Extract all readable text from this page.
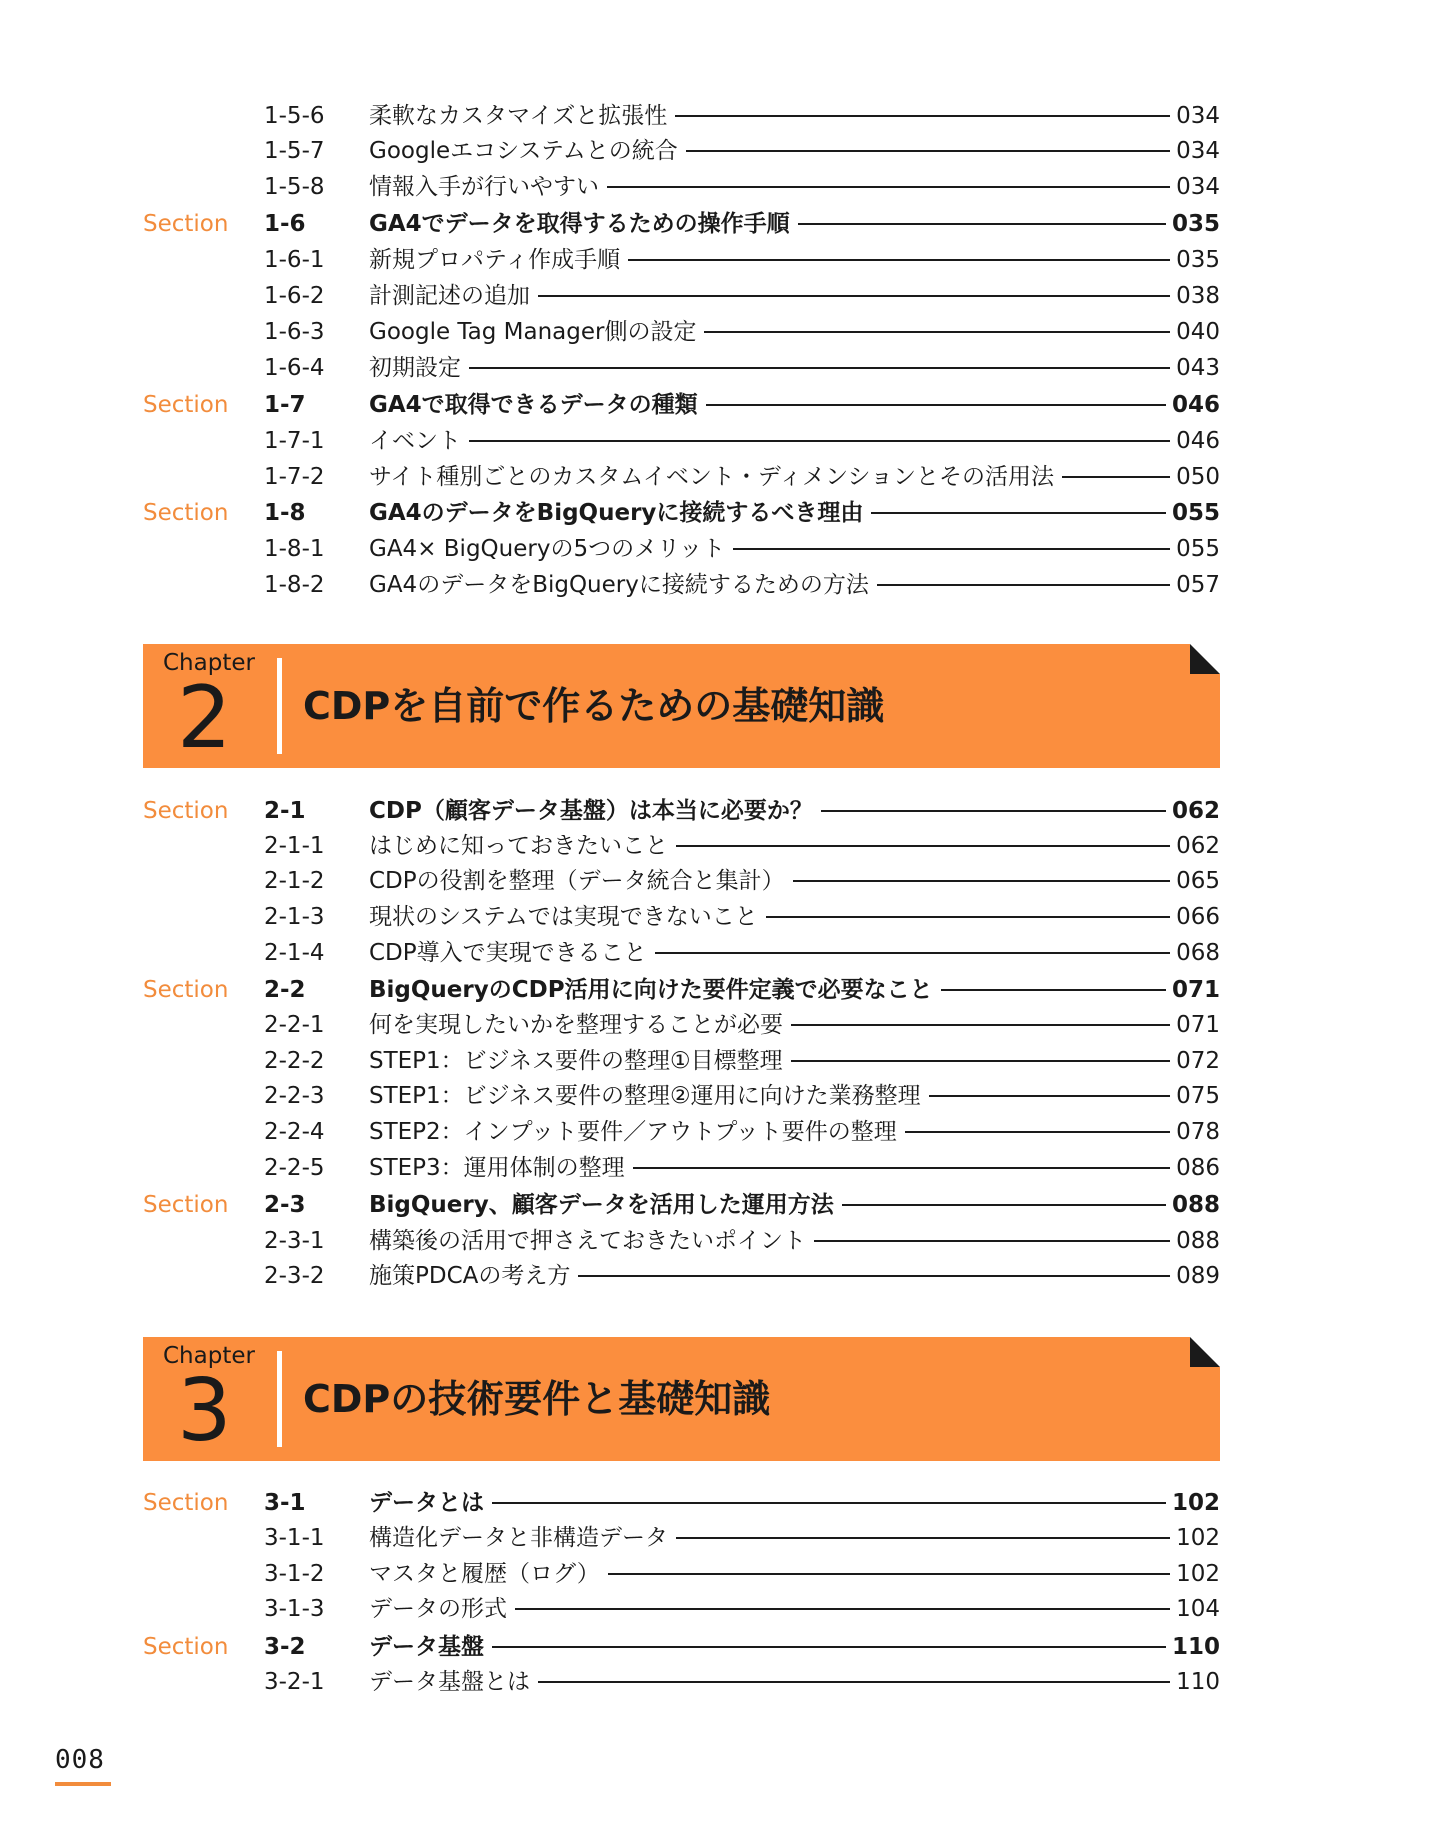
1-5-6 柔軟なカスタマイズと拡張性	034
1-5-7 Googleエコシステムとの統合	034
1-5-8 情報入手が行いやすい	034
Section 1-6	GA4でデータを取得するための操作手順	035
1-6-1 新規プロパティ作成手順	035
1-6-2 計測記述の追加	038
1-6-3 Google Tag Manager側の設定	040
1-6-4 初期設定	043
Section 1-7	GA4で取得できるデータの種類	046
1-7-1 イベント	046
1-7-2 サイト種別ごとのカスタムイベント・ディメンションとその活用法	050
Section 1-8	GA4のデータをBigQueryに接続するべき理由	055
1-8-1 GA4× BigQueryの5つのメリット	055
1-8-2 GA4のデータをBigQueryに接続するための方法	057
Chapter
2 CDPを自前で作るための基礎知識
Section 2-1	CDP（顧客データ基盤）は本当に必要か？	062
2-1-1 はじめに知っておきたいこと	062
2-1-2 CDPの役割を整理（データ統合と集計）	065
2-1-3 現状のシステムでは実現できないこと	066
2-1-4 CDP導入で実現できること	068
Section 2-2	BigQueryのCDP活用に向けた要件定義で必要なこと	071
2-2-1 何を実現したいかを整理することが必要	071
2-2-2 STEP1：ビジネス要件の整理①目標整理	072
2-2-3 STEP1：ビジネス要件の整理②運用に向けた業務整理	075
2-2-4 STEP2：インプット要件／アウトプット要件の整理	078
2-2-5 STEP3：運用体制の整理	086
Section 2-3	BigQuery、顧客データを活用した運用方法	088
2-3-1 構築後の活用で押さえておきたいポイント	088
2-3-2 施策PDCAの考え方	089
Chapter
3 CDPの技術要件と基礎知識
Section 3-1	データとは	102
3-1-1 構造化データと非構造データ	102
3-1-2 マスタと履歴（ログ）	102
3-1-3 データの形式	104
Section 3-2	データ基盤	110
3-2-1 データ基盤とは	110
008
